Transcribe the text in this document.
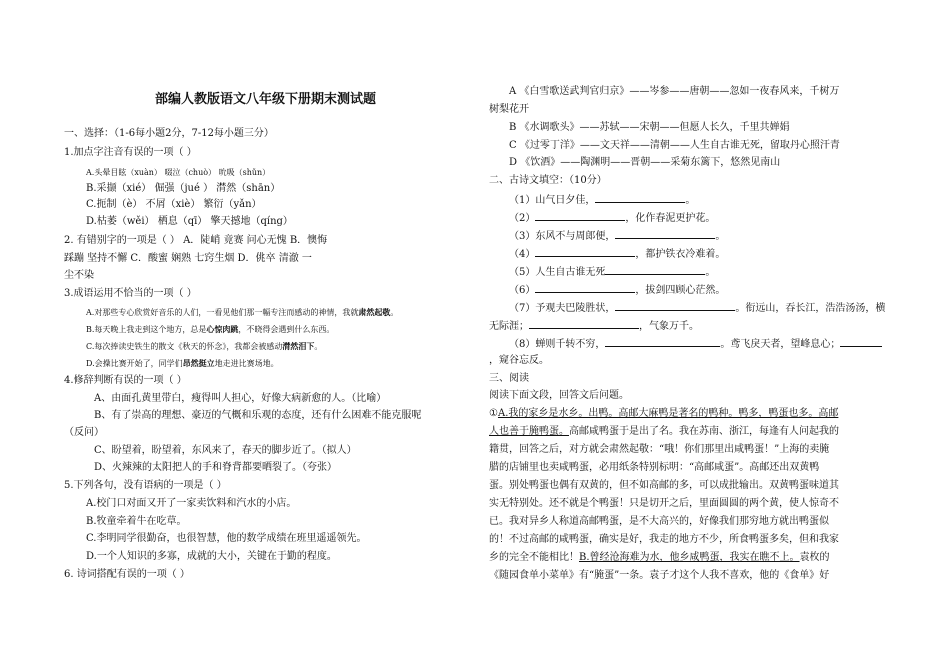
部编人教版语文八年级下册期末测试题
一、选择：（1-6每小题2分，7-12每小题三分）
1.加点字注音有误的一项（ ）
A.头晕目眩（xuàn） 啜泣（chuò） 吮吸（shǔn）
B.采撷（xié） 倔强（jué ） 潸然（shān）
C.扼制（è） 不屑（xiè） 繁衍（yǎn）
D.枯萎（wěi） 栖息（qī） 擎天撼地（qíng）
2. 有错别字的一项是（ ） A．陡峭 竟赛 问心无愧 B．懊悔
踩蹦 坚持不懈 C．酸蜜 娴熟 七窍生烟 D．佻卒 清澈 一
尘不染
3.成语运用不恰当的一项（ ）
A.对那些专心欣赏好音乐的人们，一看见他们那一幅专注而感动的神情，我就肃然起敬。
B.每天晚上我走到这个地方，总是心惊肉跳，不晓得会遇到什么东西。
C.每次捧读史铁生的散文《秋天的怀念》，我都会被感动潸然泪下。
D.会操比赛开始了，同学们昂然挺立地走进比赛场地。
4.修辞判断有误的一项（ ）
A、由面孔黄里带白，瘦得叫人担心，好像大病新愈的人。（比喻）
B、有了崇高的理想、豪迈的气概和乐观的态度，还有什么困难不能克服呢
（反问）
C、盼望着，盼望着，东风来了，春天的脚步近了。（拟人）
D、火辣辣的太阳把人的手和脊背都要晒裂了。（夸张）
5.下列各句，没有语病的一项是（ ）
A.校门口对面又开了一家卖饮料和汽水的小店。
B.牧童牵着牛在吃草。
C.李明同学很勤奋，也很智慧，他的数学成绩在班里遥遥领先。
D.一个人知识的多寡，成就的大小，关键在于勤的程度。
6. 诗词搭配有误的一项（ ）
A 《白雪歌送武判官归京》——岑参——唐朝——忽如一夜春风来，千树万
树梨花开
B 《水调歌头》——苏轼——宋朝——但愿人长久，千里共婵娟
C 《过零丁洋》——文天祥——清朝——人生自古谁无死，留取丹心照汗青
D 《饮酒》——陶渊明——晋朝——采菊东篱下，悠然见南山
二、古诗文填空：（10分）
（1）山气日夕佳，	。
（2）	，化作春泥更护花。
（3）东风不与周郎便，	。
（4）	，都护铁衣冷难着。
（5）人生自古谁无死	。
（6）	，拔剑四顾心茫然。
（7）予观夫巴陵胜状，	。衔远山，吞长江，浩浩汤汤，横
无际涯；	，气象万千。
（8）蝉则千转不穷，	。鸢飞戾天者，望峰息心；
，窥谷忘反。
三、阅读
阅读下面文段，回答文后问题。
①A.我的家乡是水乡。出鸭。高邮大麻鸭是著名的鸭种。鸭多，鸭蛋也多。高邮
人也善于腌鸭蛋。高邮咸鸭蛋于是出了名。我在苏南、浙江，每逢有人问起我的
籍贯，回答之后，对方就会肃然起敬：“哦！你们那里出咸鸭蛋！”上海的卖腌
腊的店铺里也卖咸鸭蛋，必用纸条特别标明：“高邮咸蛋”。高邮还出双黄鸭
蛋。别处鸭蛋也偶有双黄的，但不如高邮的多，可以成批输出。双黄鸭蛋味道其
实无特别处。还不就是个鸭蛋！只是切开之后，里面圆圆的两个黄，使人惊奇不
已。我对异乡人称道高邮鸭蛋，是不大高兴的，好像我们那穷地方就出鸭蛋似
的！不过高邮的咸鸭蛋，确实是好，我走的地方不少，所食鸭蛋多矣，但和我家
乡的完全不能相比！B.曾经沧海难为水，他乡咸鸭蛋，我实在瞧不上。袁枚的
《随园食单小菜单》有“腌蛋”一条。袁子才这个人我不喜欢，他的《食单》好
